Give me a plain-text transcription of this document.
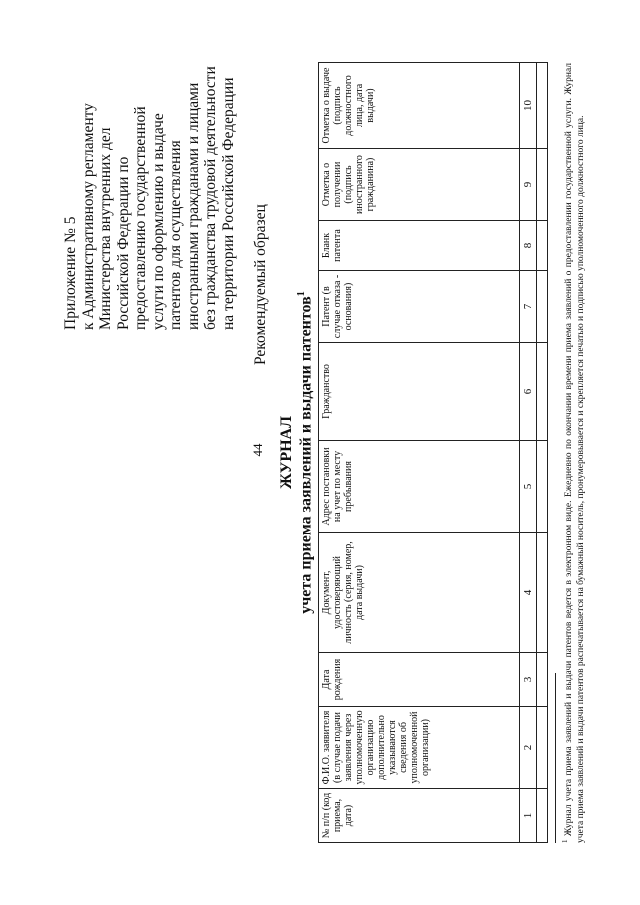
44
Приложение № 5 к Административному регламенту Министерства внутренних дел Российской Федерации по предоставлению государственной услуги по оформлению и выдаче патентов для осуществления иностранными гражданами и лицами без гражданства трудовой деятельности на территории Российской Федерации Рекомендуемый образец
ЖУРНАЛ учета приема заявлений и выдачи патентов$^1$
№ п/п (код приема, дата)	Ф.И.О. заявителя (в случае подачи заявления через уполномоченную организацию дополнительно указываются сведения об уполномоченной организации)	Дата рождения	Документ, удостоверяющий личность (серия, номер, дата выдачи)	Адрес постановки на учет по месту пребывания	Гражданство	Патент (в случае отказа - основания)	Бланк патента	Отметка о получении (подпись иностранного гражданина)	Отметка о выдаче (подпись должностного лица, дата выдачи)
1	2	3	4	5	6	7	8	9	10

$^1$ Журнал учета приема заявлений и выдачи патентов ведется в электронном виде. Ежедневно по окончании времени приема заявлений о предоставлении государственной услуги. Журнал учета приема заявлений и выдачи патентов распечатывается на бумажный носитель, пронумеровывается и скрепляется печатью и подписью уполномоченного должностного лица.
